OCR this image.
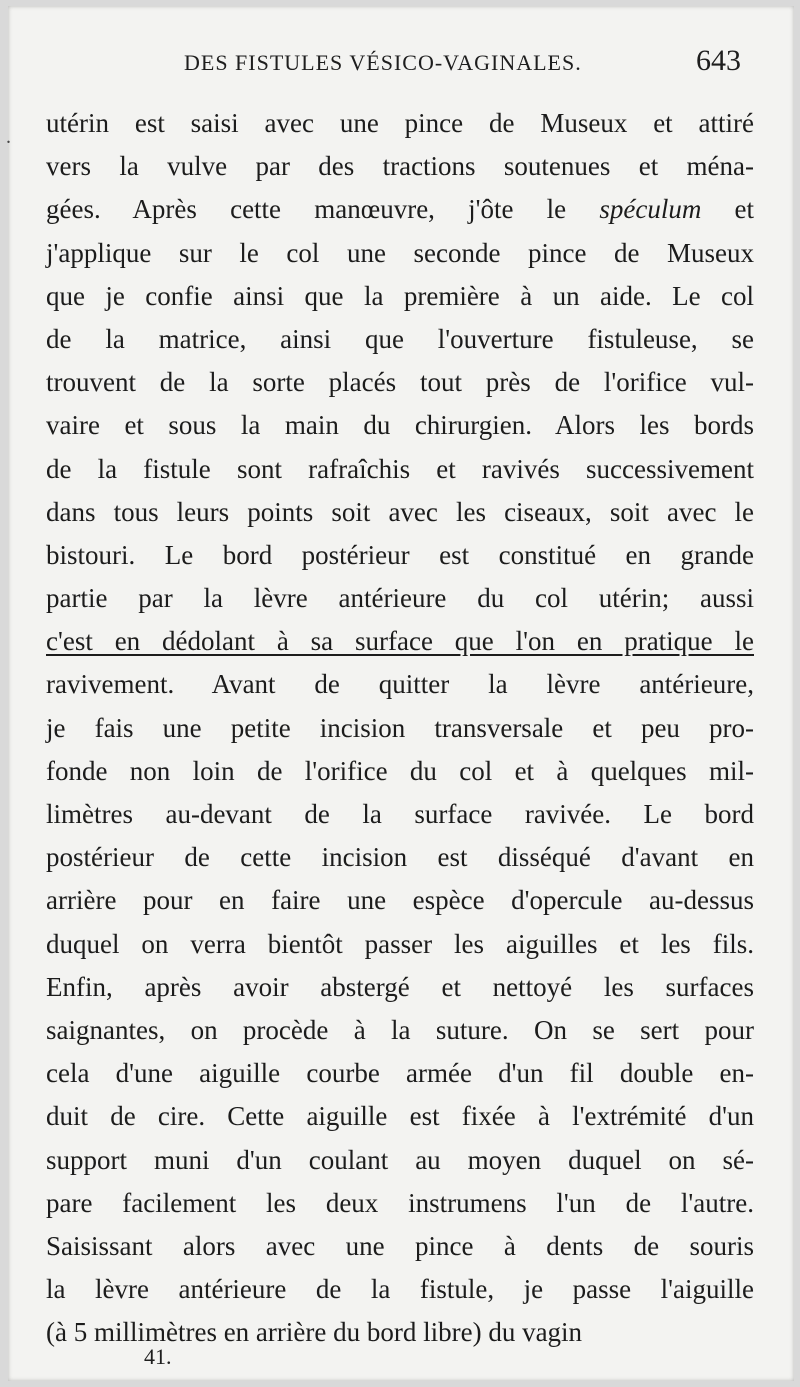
.
DES FISTULES VÉSICO-VAGINALES.	643
utérin est saisi avec une pince de Museux et attiré
vers la vulve par des tractions soutenues et ména-
gées. Après cette manœuvre, j'ôte le spéculum et
j'applique sur le col une seconde pince de Museux
que je confie ainsi que la première à un aide. Le col
de la matrice, ainsi que l'ouverture fistuleuse, se
trouvent de la sorte placés tout près de l'orifice vul-
vaire et sous la main du chirurgien. Alors les bords
de la fistule sont rafraîchis et ravivés successivement
dans tous leurs points soit avec les ciseaux, soit avec le
bistouri. Le bord postérieur est constitué en grande
partie par la lèvre antérieure du col utérin; aussi
c'est en dédolant à sa surface que l'on en pratique le
ravivement. Avant de quitter la lèvre antérieure,
je fais une petite incision transversale et peu pro-
fonde non loin de l'orifice du col et à quelques mil-
limètres au-devant de la surface ravivée. Le bord
postérieur de cette incision est disséqué d'avant en
arrière pour en faire une espèce d'opercule au-dessus
duquel on verra bientôt passer les aiguilles et les fils.
Enfin, après avoir abstergé et nettoyé les surfaces
saignantes, on procède à la suture. On se sert pour
cela d'une aiguille courbe armée d'un fil double en-
duit de cire. Cette aiguille est fixée à l'extrémité d'un
support muni d'un coulant au moyen duquel on sé-
pare facilement les deux instrumens l'un de l'autre.
Saisissant alors avec une pince à dents de souris
la lèvre antérieure de la fistule, je passe l'aiguille
(à 5 millimètres en arrière du bord libre) du vagin
41.
